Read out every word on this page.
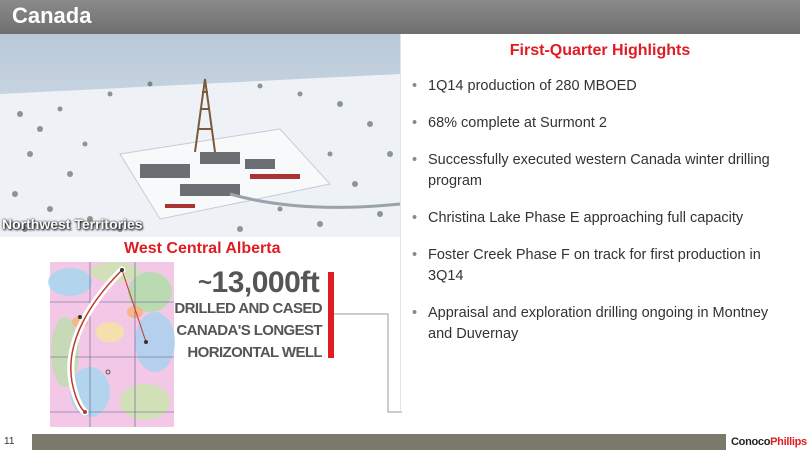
Canada
Northwest Territories
West Central Alberta
~13,000ft
DRILLED AND CASED
CANADA'S LONGEST
HORIZONTAL WELL
First-Quarter Highlights
• 1Q14 production of 280 MBOED
• 68% complete at Surmont 2
• Successfully executed western Canada winter drilling program
• Christina Lake Phase E approaching full capacity
• Foster Creek Phase F on track for first production in 3Q14
• Appraisal and exploration drilling ongoing in Montney and Duvernay
11	ConocoPhillips
